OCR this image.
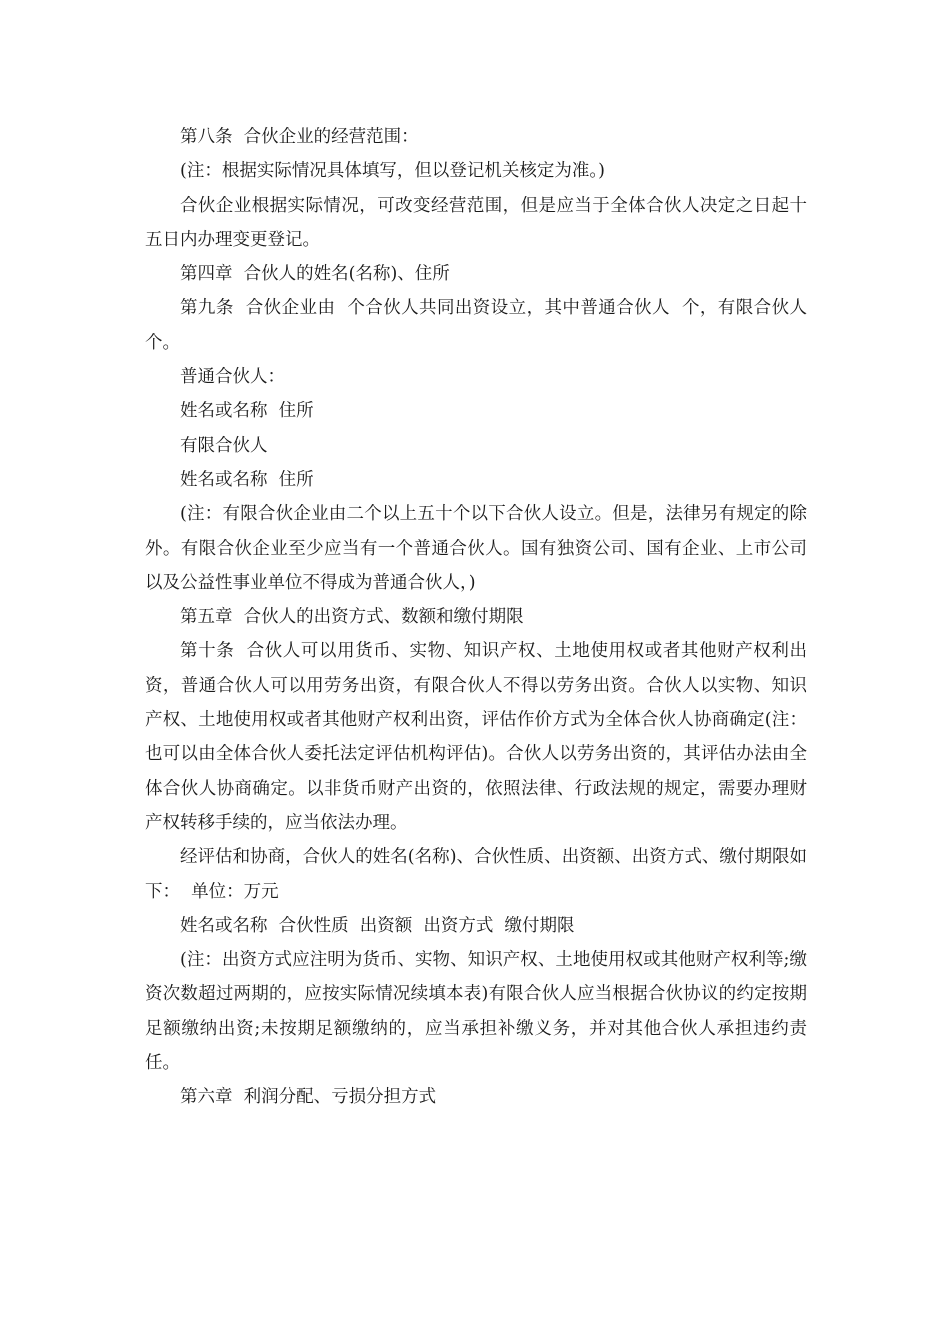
第八条  合伙企业的经营范围：

(注：根据实际情况具体填写，但以登记机关核定为准。)

合伙企业根据实际情况，可改变经营范围，但是应当于全体合伙人决定之日起十五日内办理变更登记。

第四章  合伙人的姓名(名称)、住所

第九条  合伙企业由  个合伙人共同出资设立，其中普通合伙人  个，有限合伙人  个。

普通合伙人：

姓名或名称  住所

有限合伙人

姓名或名称  住所

(注：有限合伙企业由二个以上五十个以下合伙人设立。但是，法律另有规定的除外。有限合伙企业至少应当有一个普通合伙人。国有独资公司、国有企业、上市公司以及公益性事业单位不得成为普通合伙人，)

第五章  合伙人的出资方式、数额和缴付期限

第十条  合伙人可以用货币、实物、知识产权、土地使用权或者其他财产权利出资，普通合伙人可以用劳务出资，有限合伙人不得以劳务出资。合伙人以实物、知识产权、土地使用权或者其他财产权利出资，评估作价方式为全体合伙人协商确定(注：也可以由全体合伙人委托法定评估机构评估)。合伙人以劳务出资的，其评估办法由全体合伙人协商确定。以非货币财产出资的，依照法律、行政法规的规定，需要办理财产权转移手续的，应当依法办理。

经评估和协商，合伙人的姓名(名称)、合伙性质、出资额、出资方式、缴付期限如下：  单位：万元

姓名或名称  合伙性质  出资额  出资方式  缴付期限

(注：出资方式应注明为货币、实物、知识产权、土地使用权或其他财产权利等;缴资次数超过两期的，应按实际情况续填本表)有限合伙人应当根据合伙协议的约定按期足额缴纳出资;未按期足额缴纳的，应当承担补缴义务，并对其他合伙人承担违约责任。

第六章  利润分配、亏损分担方式
